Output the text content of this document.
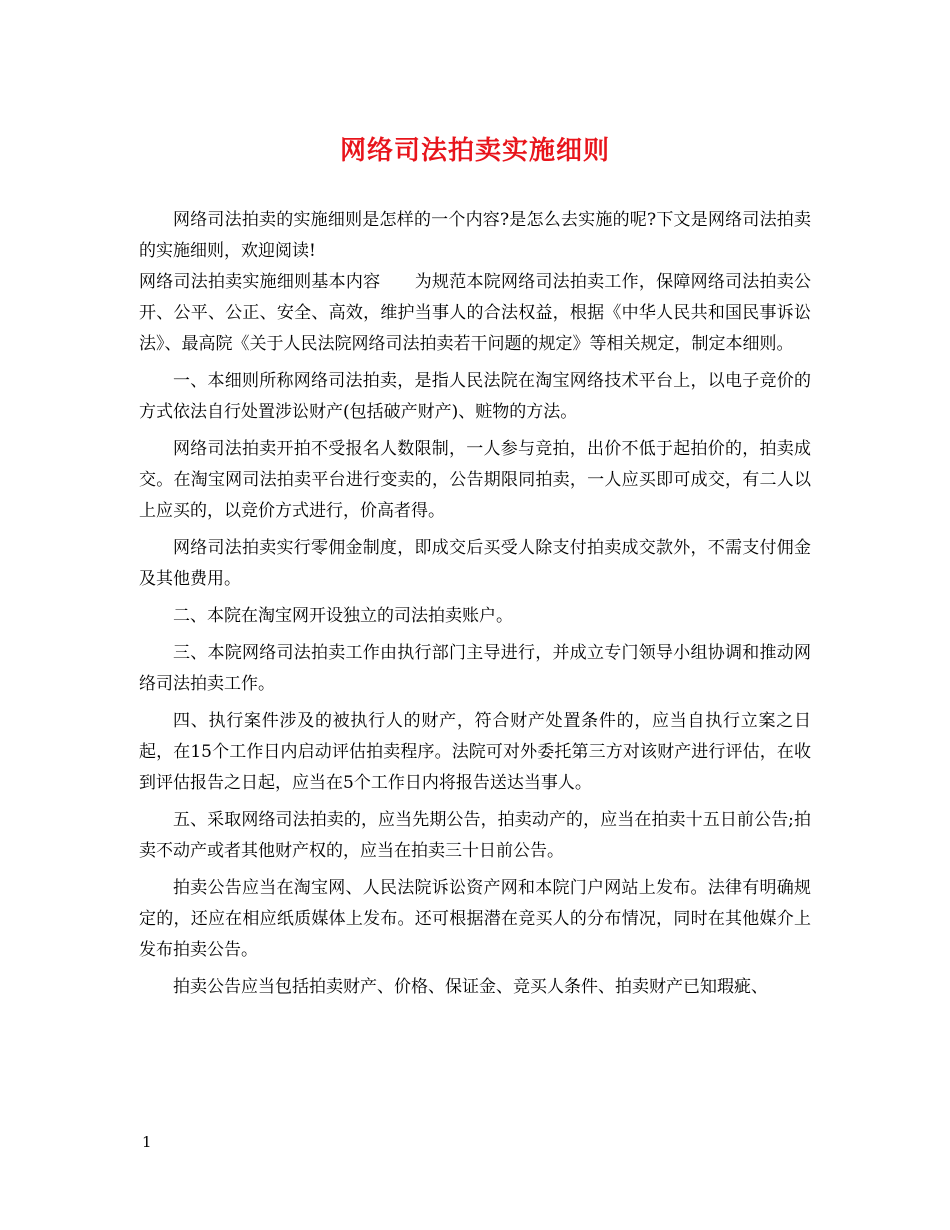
网络司法拍卖实施细则

网络司法拍卖的实施细则是怎样的一个内容?是怎么去实施的呢?下文是网络司法拍卖的实施细则，欢迎阅读!

网络司法拍卖实施细则基本内容　　为规范本院网络司法拍卖工作，保障网络司法拍卖公开、公平、公正、安全、高效，维护当事人的合法权益，根据《中华人民共和国民事诉讼法》、最高院《关于人民法院网络司法拍卖若干问题的规定》等相关规定，制定本细则。

一、本细则所称网络司法拍卖，是指人民法院在淘宝网络技术平台上，以电子竞价的方式依法自行处置涉讼财产(包括破产财产)、赃物的方法。

网络司法拍卖开拍不受报名人数限制，一人参与竞拍，出价不低于起拍价的，拍卖成交。在淘宝网司法拍卖平台进行变卖的，公告期限同拍卖，一人应买即可成交，有二人以上应买的，以竞价方式进行，价高者得。

网络司法拍卖实行零佣金制度，即成交后买受人除支付拍卖成交款外，不需支付佣金及其他费用。

二、本院在淘宝网开设独立的司法拍卖账户。

三、本院网络司法拍卖工作由执行部门主导进行，并成立专门领导小组协调和推动网络司法拍卖工作。

四、执行案件涉及的被执行人的财产，符合财产处置条件的，应当自执行立案之日起，在15个工作日内启动评估拍卖程序。法院可对外委托第三方对该财产进行评估，在收到评估报告之日起，应当在5个工作日内将报告送达当事人。

五、采取网络司法拍卖的，应当先期公告，拍卖动产的，应当在拍卖十五日前公告;拍卖不动产或者其他财产权的，应当在拍卖三十日前公告。

拍卖公告应当在淘宝网、人民法院诉讼资产网和本院门户网站上发布。法律有明确规定的，还应在相应纸质媒体上发布。还可根据潜在竞买人的分布情况，同时在其他媒介上发布拍卖公告。

拍卖公告应当包括拍卖财产、价格、保证金、竞买人条件、拍卖财产已知瑕疵、

1
